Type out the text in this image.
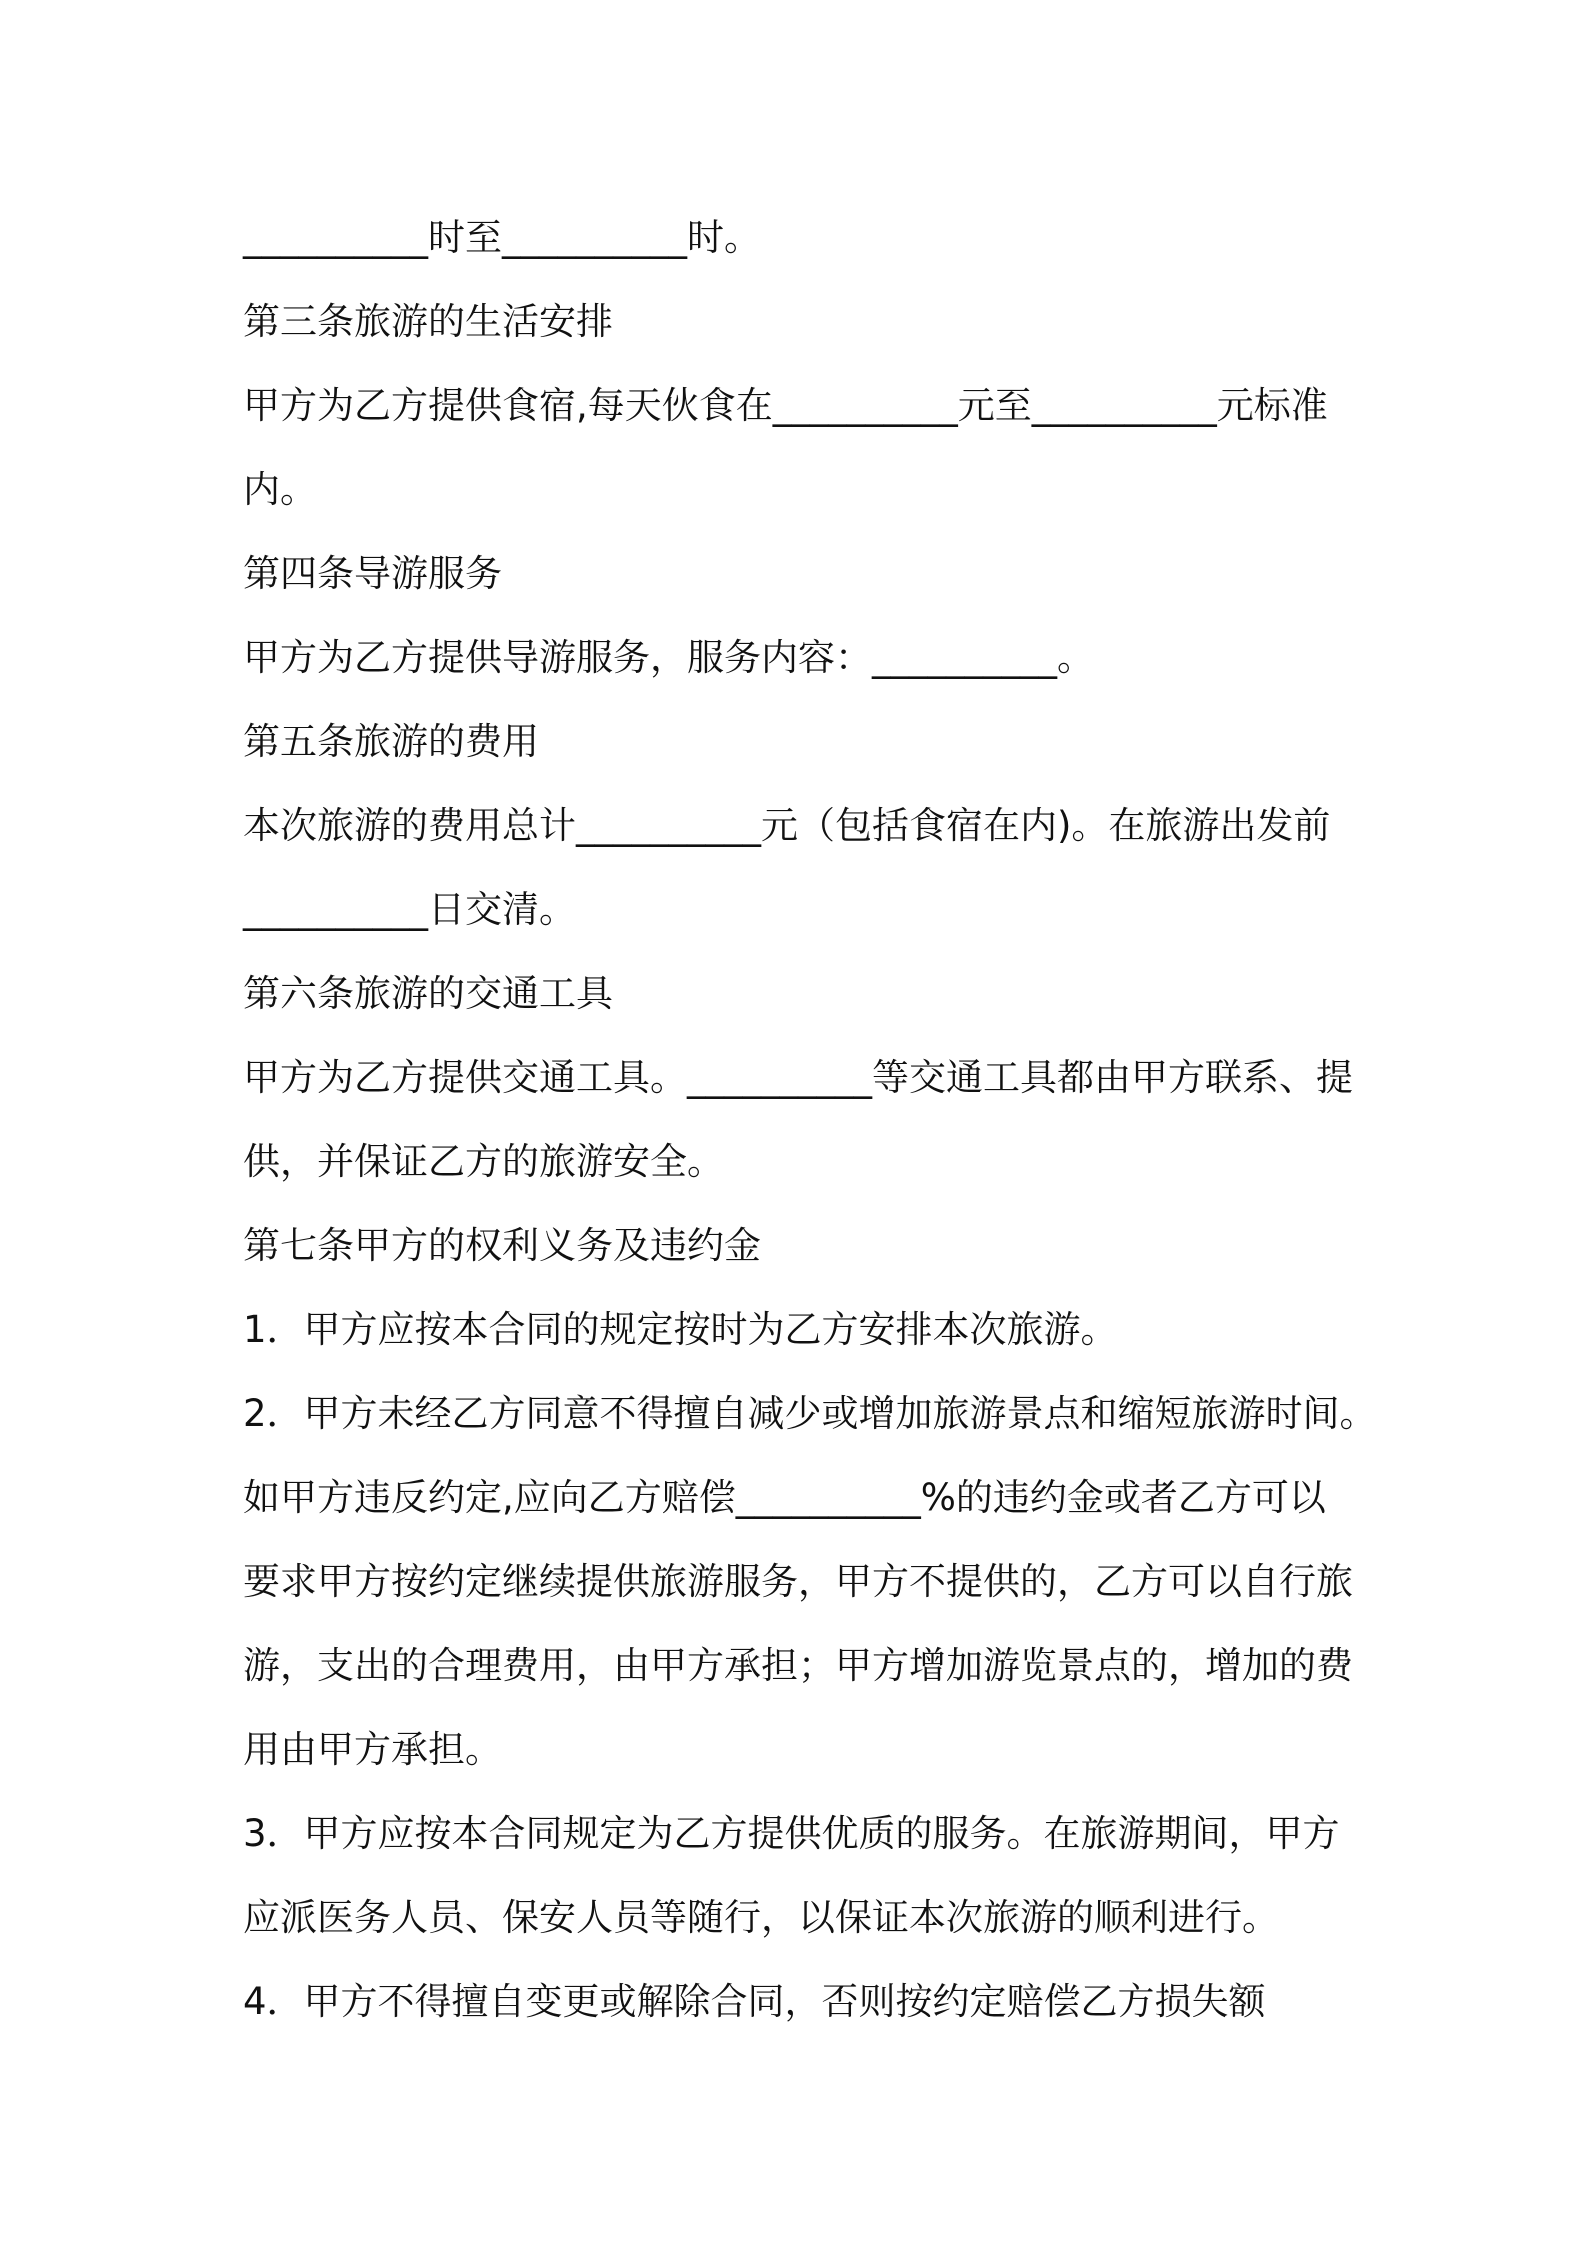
__________时至__________时。
第三条旅游的生活安排
甲方为乙方提供食宿,每天伙食在__________元至__________元标准
内。
第四条导游服务
甲方为乙方提供导游服务，服务内容：__________。
第五条旅游的费用
本次旅游的费用总计__________元（包括食宿在内)。在旅游出发前
__________日交清。
第六条旅游的交通工具
甲方为乙方提供交通工具。__________等交通工具都由甲方联系、提
供，并保证乙方的旅游安全。
第七条甲方的权利义务及违约金
1．甲方应按本合同的规定按时为乙方安排本次旅游。
2．甲方未经乙方同意不得擅自减少或增加旅游景点和缩短旅游时间。
如甲方违反约定,应向乙方赔偿__________%的违约金或者乙方可以
要求甲方按约定继续提供旅游服务，甲方不提供的，乙方可以自行旅
游，支出的合理费用，由甲方承担；甲方增加游览景点的，增加的费
用由甲方承担。
3．甲方应按本合同规定为乙方提供优质的服务。在旅游期间，甲方
应派医务人员、保安人员等随行，以保证本次旅游的顺利进行。
4．甲方不得擅自变更或解除合同，否则按约定赔偿乙方损失额
